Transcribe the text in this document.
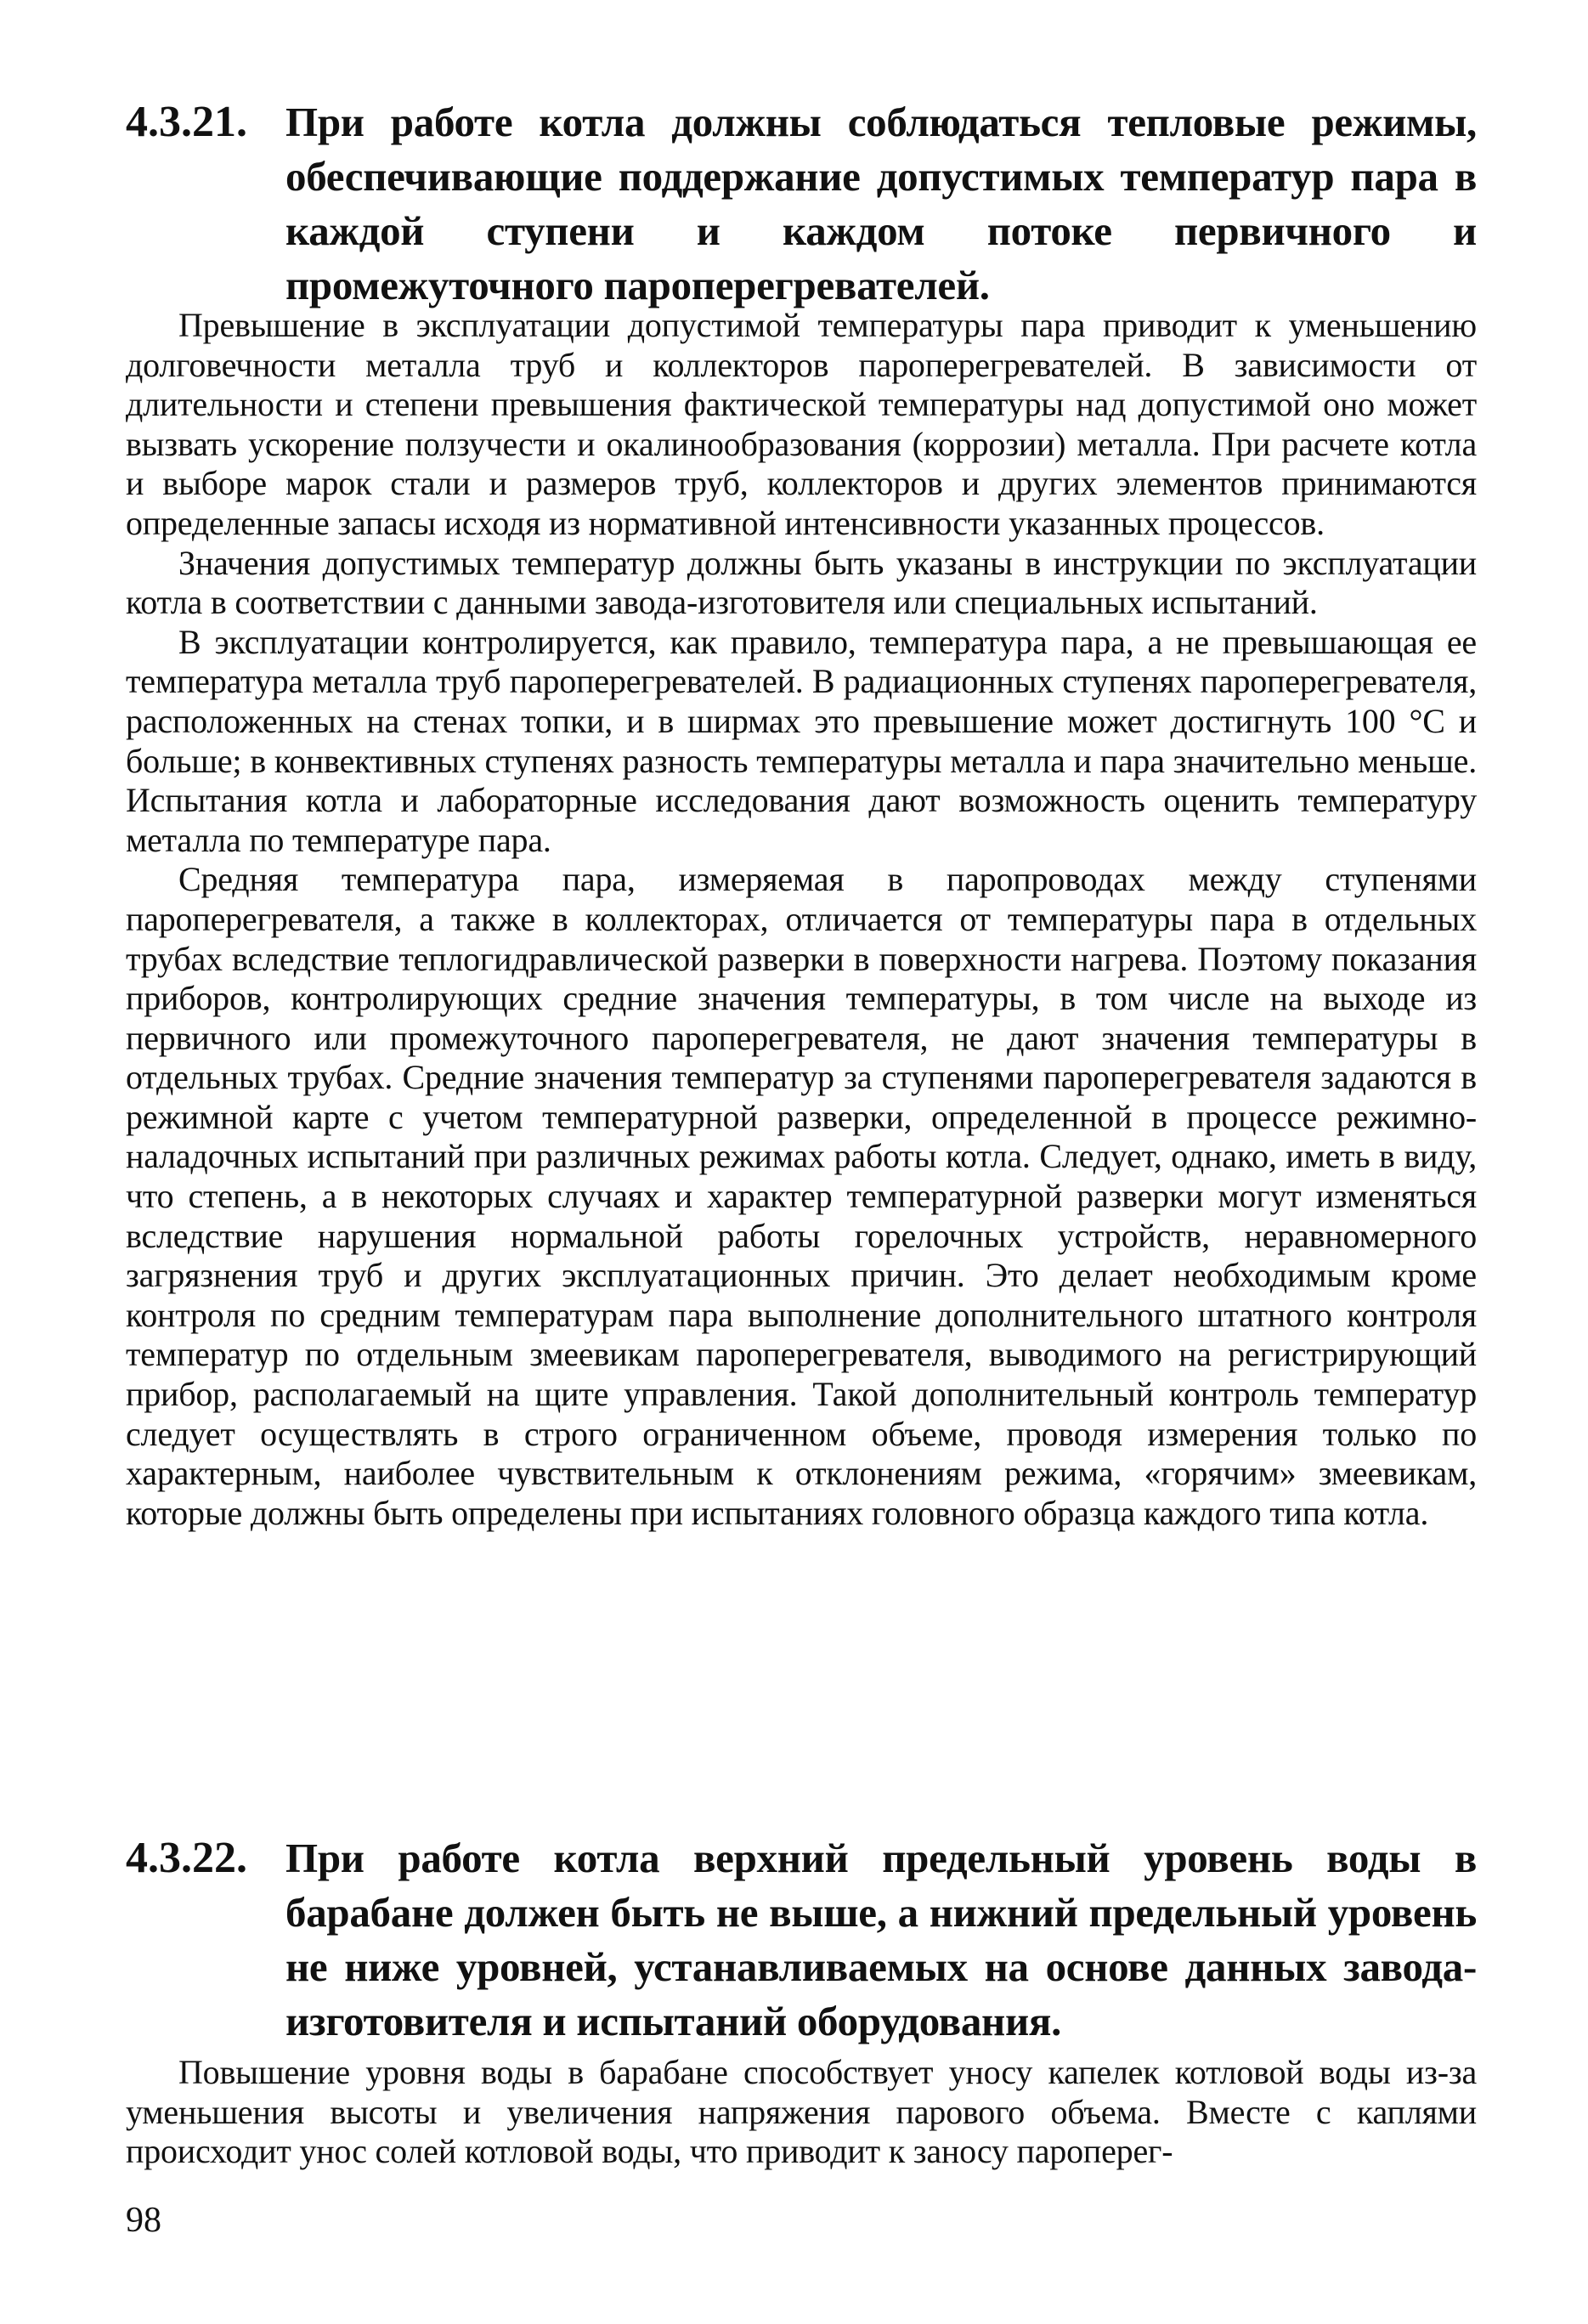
4.3.21. При работе котла должны соблюдаться тепловые режимы, обеспечивающие поддержание допустимых температур пара в каждой ступени и каждом потоке первичного и промежуточного пароперегревателей.

Превышение в эксплуатации допустимой температуры пара приводит к уменьшению долговечности металла труб и коллекторов пароперегревателей. В зависимости от длительности и степени превышения фактической температуры над допустимой оно может вызвать ускорение ползучести и окалинообразования (коррозии) металла. При расчете котла и выборе марок стали и размеров труб, коллекторов и других элементов принимаются определенные запасы исходя из нормативной интенсивности указанных процессов.

Значения допустимых температур должны быть указаны в инструкции по эксплуатации котла в соответствии с данными завода-изготовителя или специальных испытаний.

В эксплуатации контролируется, как правило, температура пара, а не превышающая ее температура металла труб пароперегревателей. В радиационных ступенях пароперегревателя, расположенных на стенах топки, и в ширмах это превышение может достигнуть 100 °С и больше; в конвективных ступенях разность температуры металла и пара значительно меньше. Испытания котла и лабораторные исследования дают возможность оценить температуру металла по температуре пара.

Средняя температура пара, измеряемая в паропроводах между ступенями пароперегревателя, а также в коллекторах, отличается от температуры пара в отдельных трубах вследствие теплогидравлической разверки в поверхности нагрева. Поэтому показания приборов, контролирующих средние значения температуры, в том числе на выходе из первичного или промежуточного пароперегревателя, не дают значения температуры в отдельных трубах. Средние значения температур за ступенями пароперегревателя задаются в режимной карте с учетом температурной разверки, определенной в процессе режимно-наладочных испытаний при различных режимах работы котла. Следует, однако, иметь в виду, что степень, а в некоторых случаях и характер температурной разверки могут изменяться вследствие нарушения нормальной работы горелочных устройств, неравномерного загрязнения труб и других эксплуатационных причин. Это делает необходимым кроме контроля по средним температурам пара выполнение дополнительного штатного контроля температур по отдельным змеевикам пароперегревателя, выводимого на регистрирующий прибор, располагаемый на щите управления. Такой дополнительный контроль температур следует осуществлять в строго ограниченном объеме, проводя измерения только по характерным, наиболее чувствительным к отклонениям режима, «горячим» змеевикам, которые должны быть определены при испытаниях головного образца каждого типа котла.

4.3.22. При работе котла верхний предельный уровень воды в барабане должен быть не выше, а нижний предельный уровень не ниже уровней, устанавливаемых на основе данных завода-изготовителя и испытаний оборудования.

Повышение уровня воды в барабане способствует уносу капелек котловой воды из-за уменьшения высоты и увеличения напряжения парового объема. Вместе с каплями происходит унос солей котловой воды, что приводит к заносу пароперег-

98
